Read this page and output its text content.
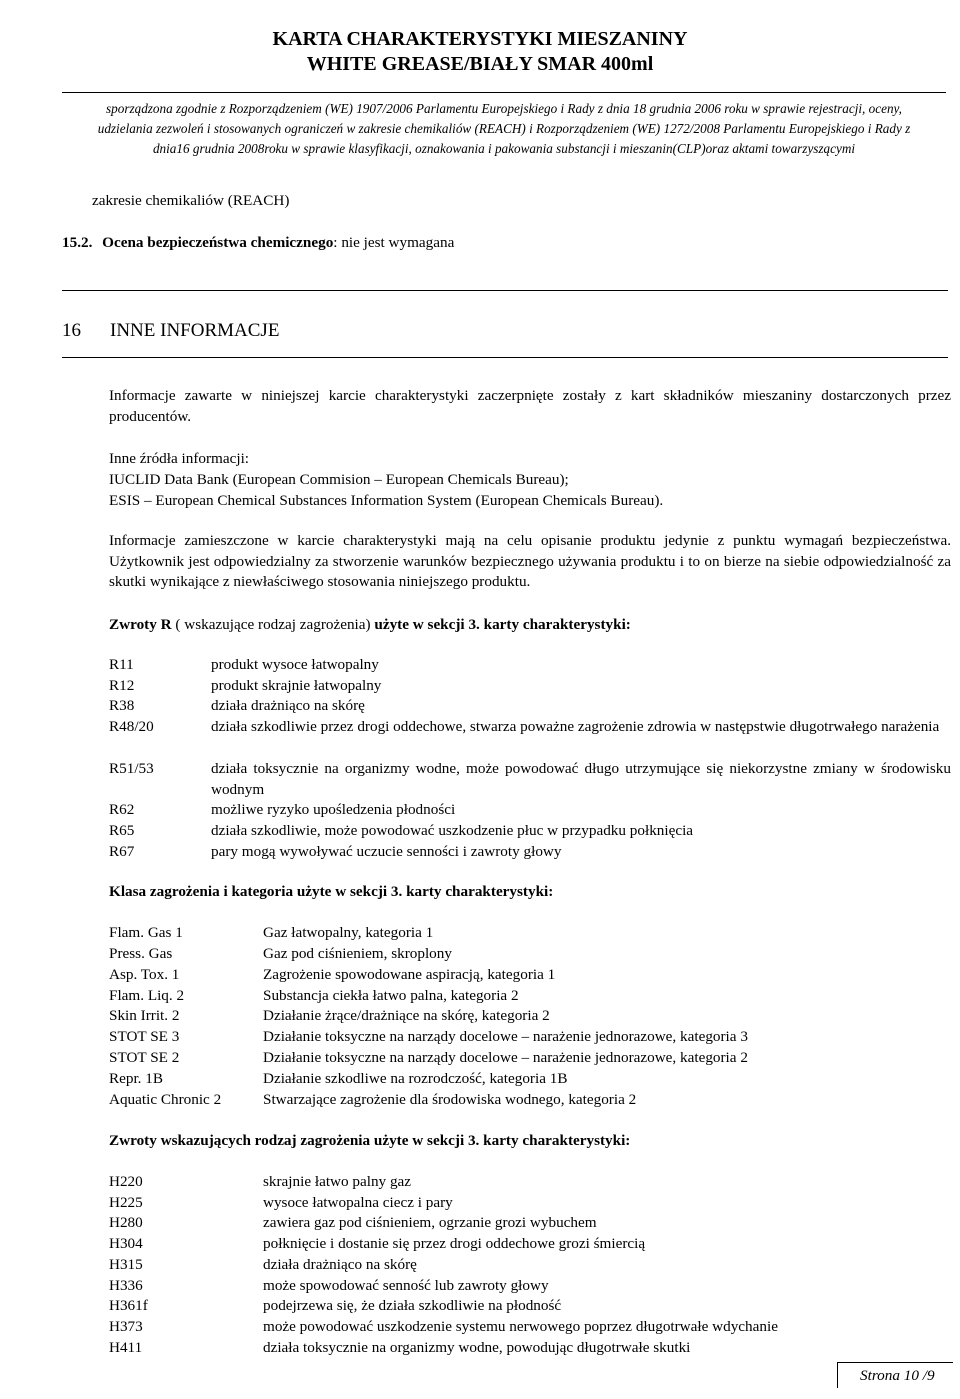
KARTA CHARAKTERYSTYKI MIESZANINY
WHITE GREASE/BIAŁY SMAR 400ml
sporządzona zgodnie z Rozporządzeniem (WE) 1907/2006 Parlamentu Europejskiego i Rady z dnia 18 grudnia 2006 roku w sprawie rejestracji, oceny,
udzielania zezwoleń i stosowanych ograniczeń w zakresie chemikaliów (REACH) i Rozporządzeniem (WE) 1272/2008 Parlamentu Europejskiego i Rady z
dnia16 grudnia 2008roku w sprawie klasyfikacji, oznakowania i pakowania substancji i mieszanin(CLP)oraz aktami towarzyszącymi
zakresie chemikaliów (REACH)
15.2. Ocena bezpieczeństwa chemicznego: nie jest wymagana
16 INNE INFORMACJE
Informacje zawarte w niniejszej karcie charakterystyki zaczerpnięte zostały z kart składników mieszaniny dostarczonych przez producentów.
Inne źródła informacji:
IUCLID Data Bank (European Commision – European Chemicals Bureau);
ESIS – European Chemical Substances Information System (European Chemicals Bureau).
Informacje zamieszczone w karcie charakterystyki mają na celu opisanie produktu jedynie z punktu wymagań bezpieczeństwa. Użytkownik jest odpowiedzialny za stworzenie warunków bezpiecznego używania produktu i to on bierze na siebie odpowiedzialność za skutki wynikające z niewłaściwego stosowania niniejszego produktu.
Zwroty R ( wskazujące rodzaj zagrożenia) użyte w sekcji 3. karty charakterystyki:
R11	produkt wysoce łatwopalny
R12	produkt skrajnie łatwopalny
R38	działa drażniąco na skórę
R48/20	działa szkodliwie przez drogi oddechowe, stwarza poważne zagrożenie zdrowia w następstwie długotrwałego narażenia
R51/53	działa toksycznie na organizmy wodne, może powodować długo utrzymujące się niekorzystne zmiany w środowisku wodnym
R62	możliwe ryzyko upośledzenia płodności
R65	działa szkodliwie, może powodować uszkodzenie płuc w przypadku połknięcia
R67	pary mogą wywoływać uczucie senności i zawroty głowy
Klasa zagrożenia i kategoria użyte w sekcji 3. karty charakterystyki:
Flam. Gas 1	Gaz łatwopalny, kategoria 1
Press. Gas	Gaz pod ciśnieniem, skroplony
Asp. Tox. 1	Zagrożenie spowodowane aspiracją, kategoria 1
Flam. Liq. 2	Substancja ciekła łatwo palna, kategoria 2
Skin Irrit. 2	Działanie żrące/drażniące na skórę, kategoria 2
STOT SE 3	Działanie toksyczne na narządy docelowe – narażenie jednorazowe, kategoria 3
STOT SE 2	Działanie toksyczne na narządy docelowe – narażenie jednorazowe, kategoria 2
Repr. 1B	Działanie szkodliwe na rozrodczość, kategoria 1B
Aquatic Chronic 2	Stwarzające zagrożenie dla środowiska wodnego, kategoria 2
Zwroty wskazujących rodzaj zagrożenia użyte w sekcji 3. karty charakterystyki:
H220	skrajnie łatwo palny gaz
H225	wysoce łatwopalna ciecz i pary
H280	zawiera gaz pod ciśnieniem, ogrzanie grozi wybuchem
H304	połknięcie i dostanie się przez drogi oddechowe grozi śmiercią
H315	działa drażniąco na skórę
H336	może spowodować senność lub zawroty głowy
H361f	podejrzewa się, że działa szkodliwie na płodność
H373	może powodować uszkodzenie systemu nerwowego poprzez długotrwałe wdychanie
H411	działa toksycznie na organizmy wodne, powodując długotrwałe skutki
Strona 10 /9
